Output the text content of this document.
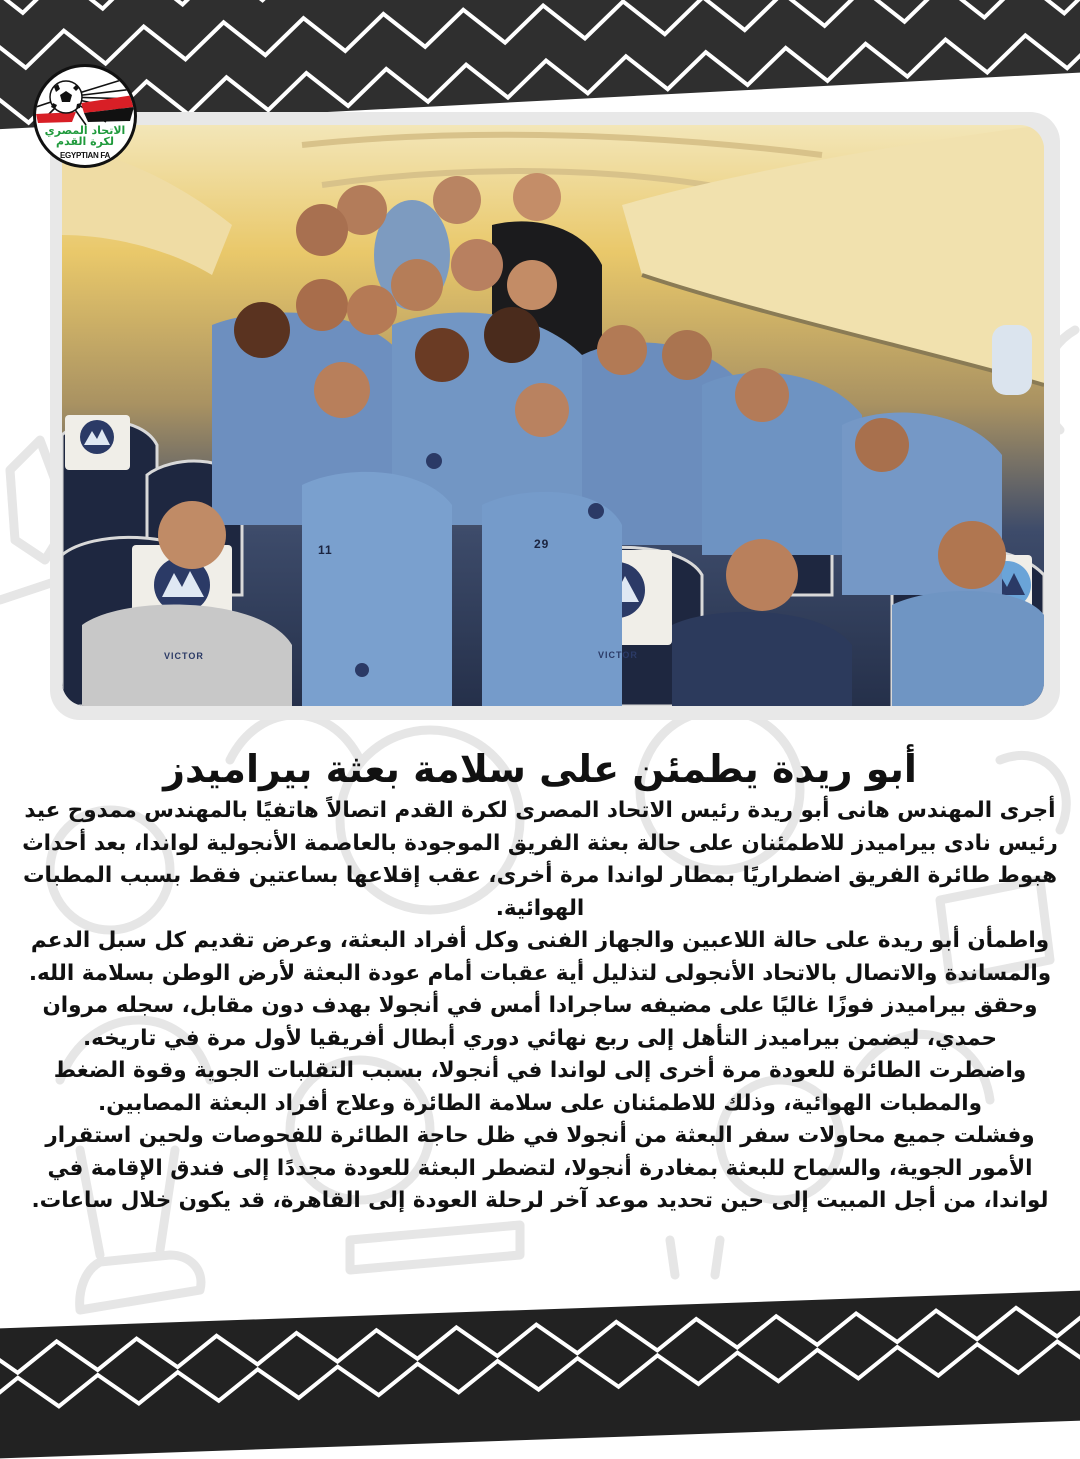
الاتحاد المصري
لكرة القدم
EGYPTIAN FA
VICTOR	VICTOR
11	29
أبو ريدة يطمئن على سلامة بعثة بيراميدز

أجرى المهندس هانى أبو ريدة رئيس الاتحاد المصرى لكرة القدم اتصالاً هاتفيًا بالمهندس ممدوح عيد رئيس نادى بيراميدز للاطمئنان على حالة بعثة الفريق الموجودة بالعاصمة الأنجولية لواندا، بعد أحداث هبوط طائرة الفريق اضطراريًا بمطار لواندا مرة أخرى، عقب إقلاعها بساعتين فقط بسبب المطبات الهوائية.

واطمأن أبو ريدة على حالة اللاعبين والجهاز الفنى وكل أفراد البعثة، وعرض تقديم كل سبل الدعم والمساندة والاتصال بالاتحاد الأنجولى لتذليل أية عقبات أمام عودة البعثة لأرض الوطن بسلامة الله.

وحقق بيراميدز فوزًا غاليًا على مضيفه ساجرادا أمس في أنجولا بهدف دون مقابل، سجله مروان حمدي، ليضمن بيراميدز التأهل إلى ربع نهائي دوري أبطال أفريقيا لأول مرة في تاريخه.

واضطرت الطائرة للعودة مرة أخرى إلى لواندا في أنجولا، بسبب التقلبات الجوية وقوة الضغط والمطبات الهوائية، وذلك للاطمئنان على سلامة الطائرة وعلاج أفراد البعثة المصابين.

وفشلت جميع محاولات سفر البعثة من أنجولا في ظل حاجة الطائرة للفحوصات ولحين استقرار الأمور الجوية، والسماح للبعثة بمغادرة أنجولا، لتضطر البعثة للعودة مجددًا إلى فندق الإقامة في لواندا، من أجل المبيت إلى حين تحديد موعد آخر لرحلة العودة إلى القاهرة، قد يكون خلال ساعات.
